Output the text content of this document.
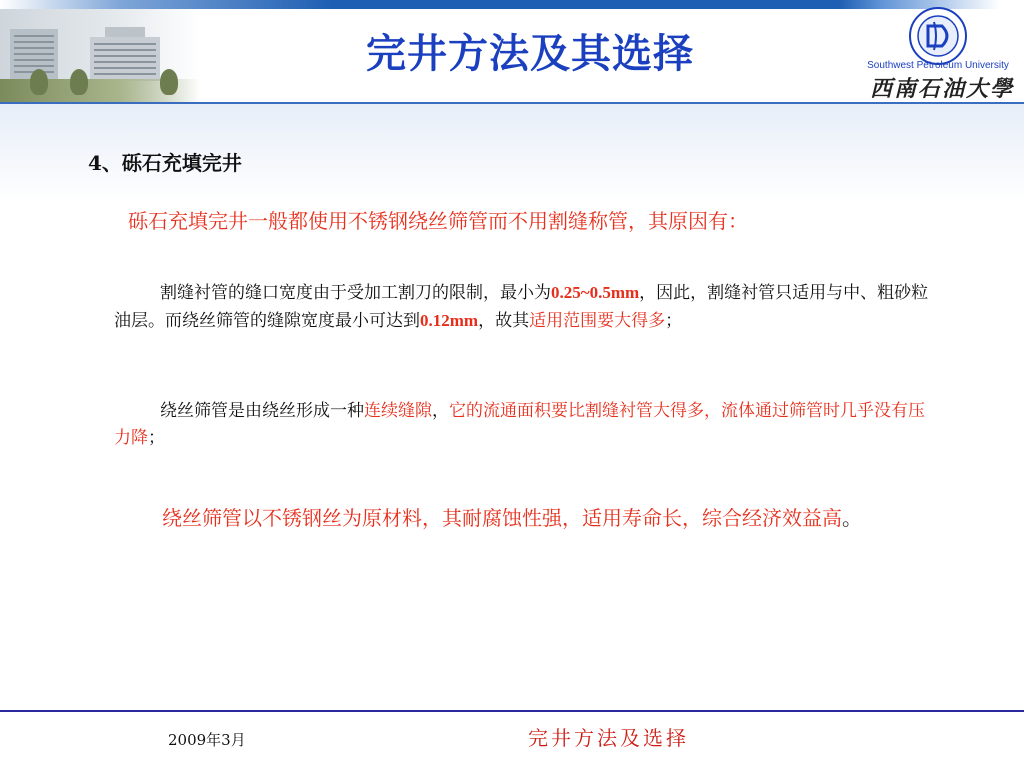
完井方法及其选择	Southwest Petroleum University
西南石油大學
4、砾石充填完井
砾石充填完井一般都使用不锈钢绕丝筛管而不用割缝称管，其原因有：
割缝衬管的缝口宽度由于受加工割刀的限制，最小为0.25~0.5mm，因此，割缝衬管只适用与中、粗砂粒油层。而绕丝筛管的缝隙宽度最小可达到0.12mm，故其适用范围要大得多；
绕丝筛管是由绕丝形成一种连续缝隙，它的流通面积要比割缝衬管大得多，流体通过筛管时几乎没有压力降；
绕丝筛管以不锈钢丝为原材料，其耐腐蚀性强，适用寿命长，综合经济效益高。
2009年3月	完井方法及选择
